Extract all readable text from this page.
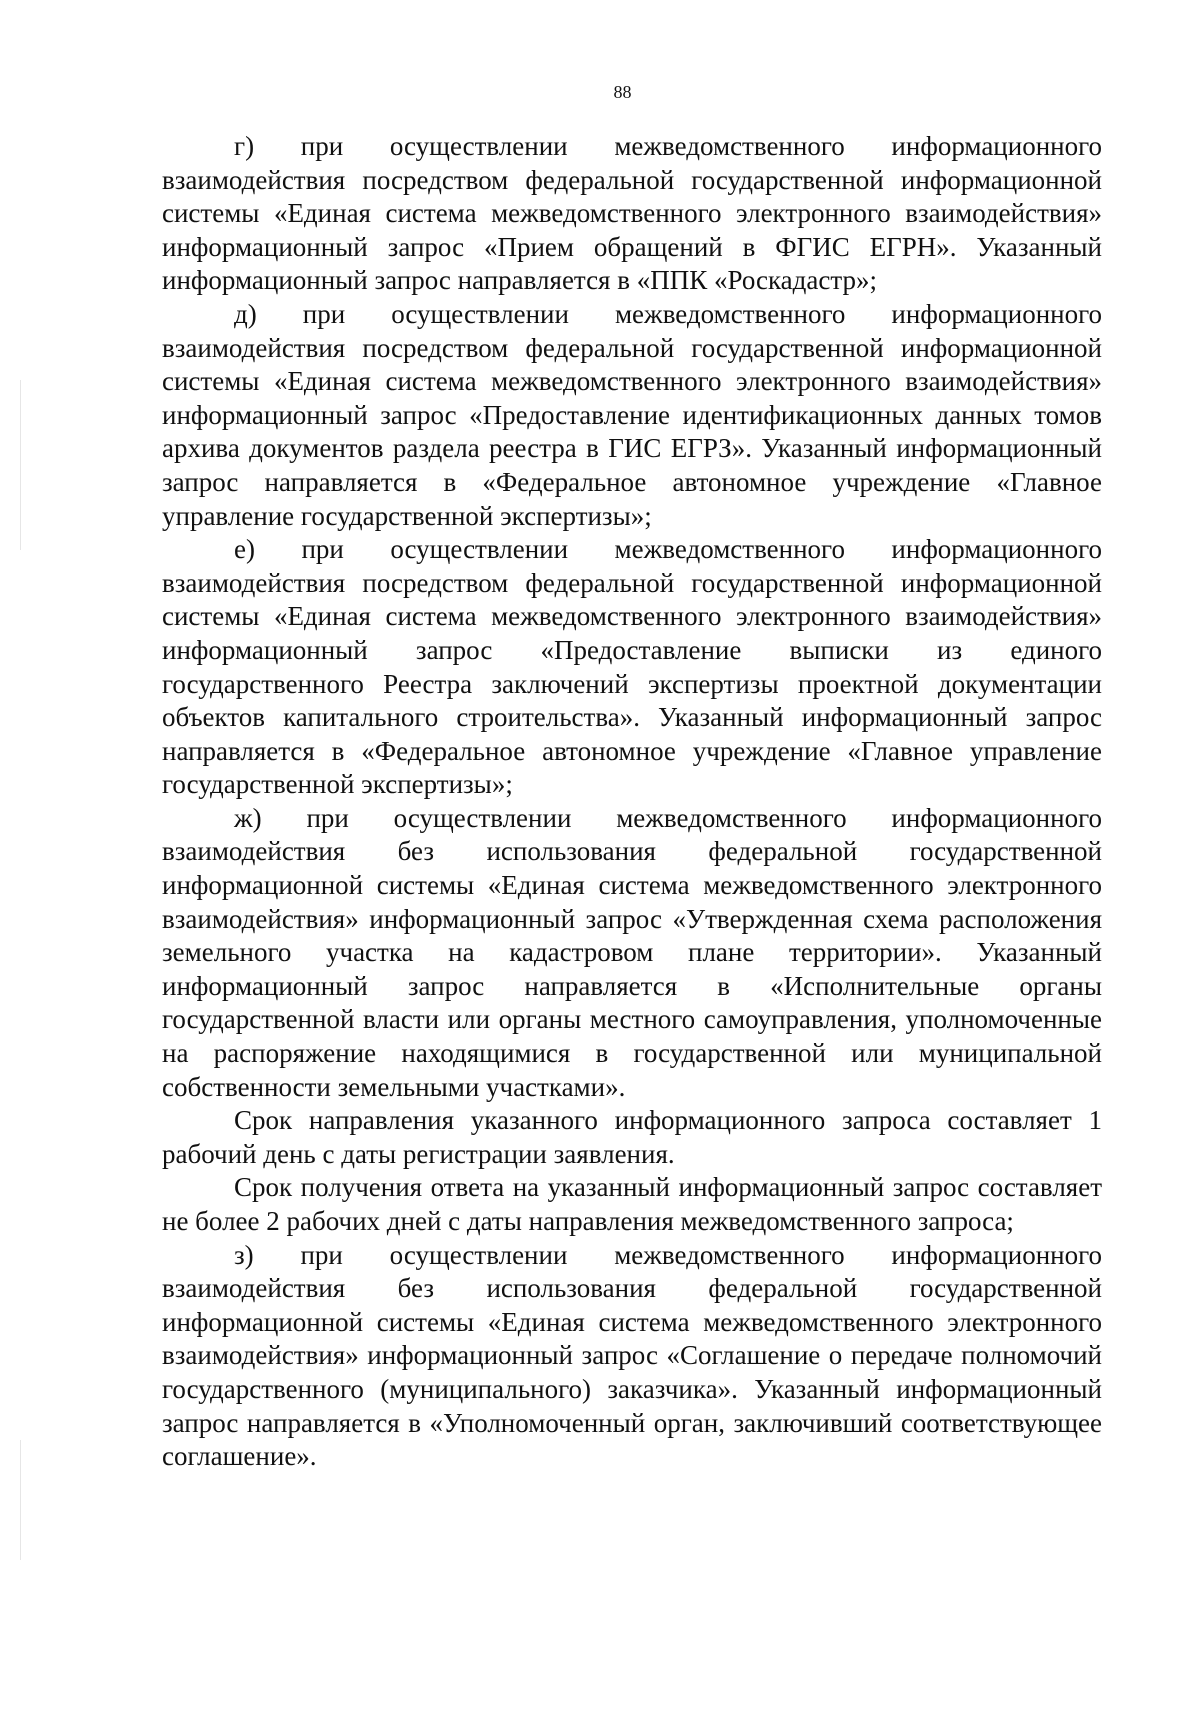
88

г) при осуществлении межведомственного информационного взаимодействия посредством федеральной государственной информационной системы «Единая система межведомственного электронного взаимодействия» информационный запрос «Прием обращений в ФГИС ЕГРН». Указанный информационный запрос направляется в «ППК «Роскадастр»;

д) при осуществлении межведомственного информационного взаимодействия посредством федеральной государственной информационной системы «Единая система межведомственного электронного взаимодействия» информационный запрос «Предоставление идентификационных данных томов архива документов раздела реестра в ГИС ЕГРЗ». Указанный информационный запрос направляется в «Федеральное автономное учреждение «Главное управление государственной экспертизы»;

е) при осуществлении межведомственного информационного взаимодействия посредством федеральной государственной информационной системы «Единая система межведомственного электронного взаимодействия» информационный запрос «Предоставление выписки из единого государственного Реестра заключений экспертизы проектной документации объектов капитального строительства». Указанный информационный запрос направляется в «Федеральное автономное учреждение «Главное управление государственной экспертизы»;

ж) при осуществлении межведомственного информационного взаимодействия без использования федеральной государственной информационной системы «Единая система межведомственного электронного взаимодействия» информационный запрос «Утвержденная схема расположения земельного участка на кадастровом плане территории». Указанный информационный запрос направляется в «Исполнительные органы государственной власти или органы местного самоуправления, уполномоченные на распоряжение находящимися в государственной или муниципальной собственности земельными участками».

Срок направления указанного информационного запроса составляет 1 рабочий день с даты регистрации заявления.

Срок получения ответа на указанный информационный запрос составляет не более 2 рабочих дней с даты направления межведомственного запроса;

з) при осуществлении межведомственного информационного взаимодействия без использования федеральной государственной информационной системы «Единая система межведомственного электронного взаимодействия» информационный запрос «Соглашение о передаче полномочий государственного (муниципального) заказчика». Указанный информационный запрос направляется в «Уполномоченный орган, заключивший соответствующее соглашение».
